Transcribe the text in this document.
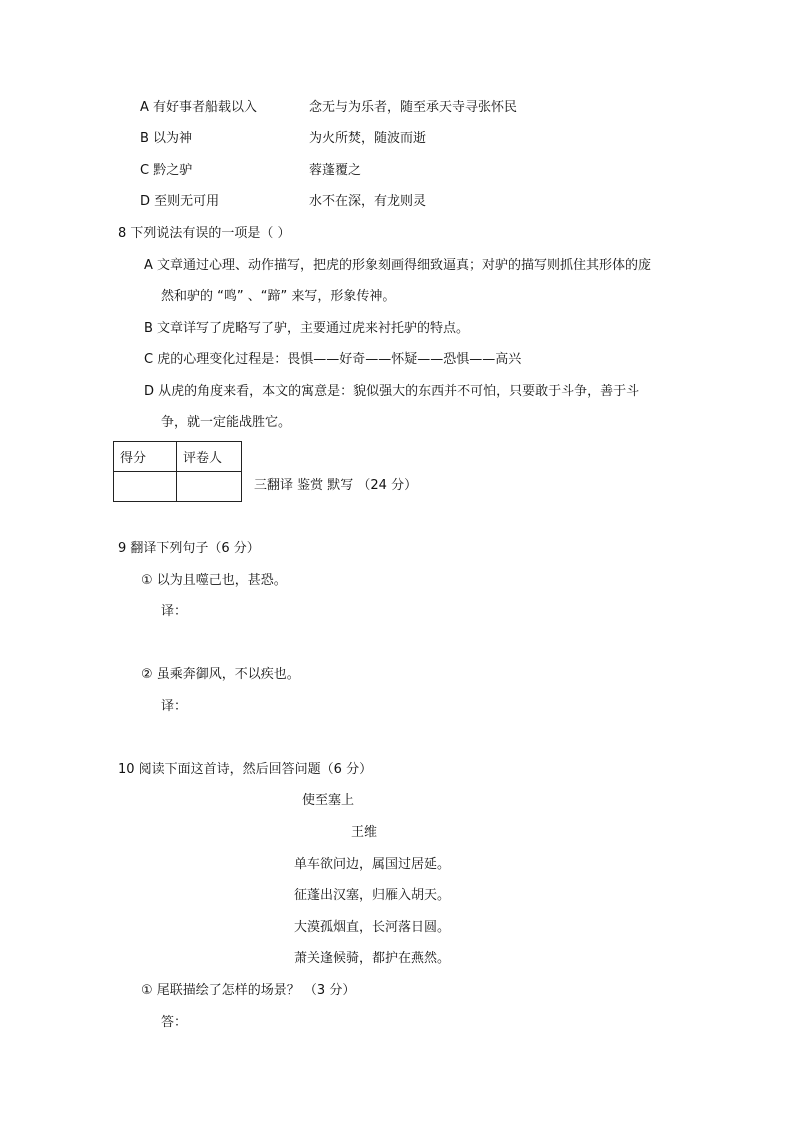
A 有好事者船载以入	念无与为乐者，随至承天寺寻张怀民
B 以为神	为火所焚，随波而逝
C 黔之驴	蓉蓬覆之
D 至则无可用	水不在深，有龙则灵
8 下列说法有误的一项是（ ）
A 文章通过心理、动作描写，把虎的形象刻画得细致逼真；对驴的描写则抓住其形体的庞
然和驴的 “鸣” 、“蹄” 来写，形象传神。
B 文章详写了虎略写了驴，主要通过虎来衬托驴的特点。
C 虎的心理变化过程是：畏惧——好奇——怀疑——恐惧——高兴
D 从虎的角度来看，本文的寓意是：貌似强大的东西并不可怕，只要敢于斗争，善于斗
争，就一定能战胜它。
得分	评卷人

三翻译 鉴赏 默写 （24 分）
9 翻译下列句子（6 分）
① 以为且噬己也，甚恐。
译：
② 虽乘奔御风，不以疾也。
译：
10 阅读下面这首诗，然后回答问题（6 分）
使至塞上
王维
单车欲问边，属国过居延。
征蓬出汉塞，归雁入胡天。
大漠孤烟直，长河落日圆。
萧关逢候骑，都护在燕然。
① 尾联描绘了怎样的场景？ （3 分）
答：
